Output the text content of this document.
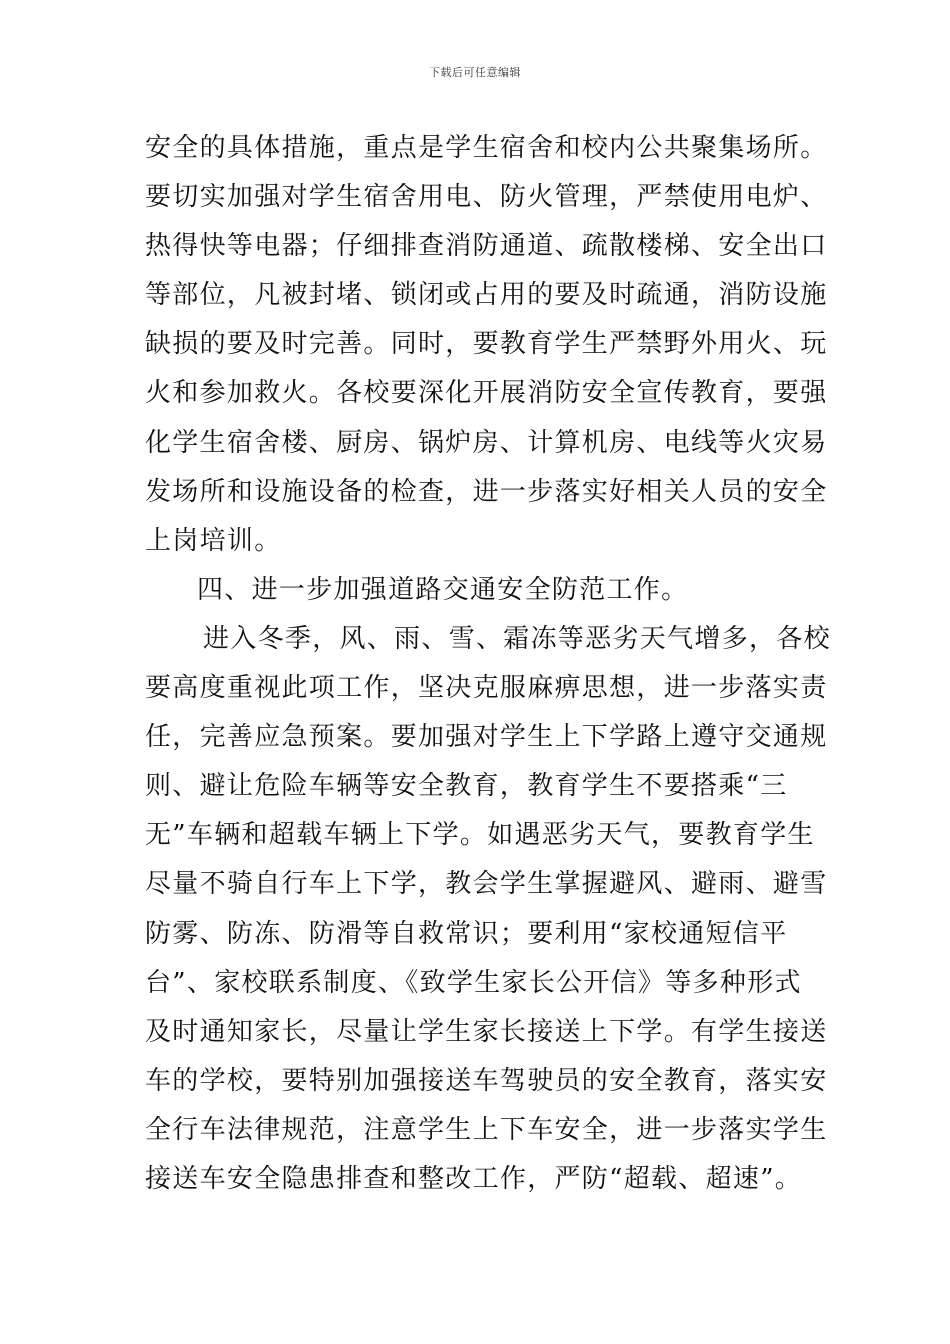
下载后可任意编辑
安全的具体措施，重点是学生宿舍和校内公共聚集场所。
要切实加强对学生宿舍用电、防火管理，严禁使用电炉、
热得快等电器；仔细排查消防通道、疏散楼梯、安全出口
等部位，凡被封堵、锁闭或占用的要及时疏通，消防设施
缺损的要及时完善。同时，要教育学生严禁野外用火、玩
火和参加救火。各校要深化开展消防安全宣传教育，要强
化学生宿舍楼、厨房、锅炉房、计算机房、电线等火灾易
发场所和设施设备的检查，进一步落实好相关人员的安全
上岗培训。
四、进一步加强道路交通安全防范工作。
进入冬季，风、雨、雪、霜冻等恶劣天气增多，各校
要高度重视此项工作，坚决克服麻痹思想，进一步落实责
任，完善应急预案。要加强对学生上下学路上遵守交通规
则、避让危险车辆等安全教育，教育学生不要搭乘“三
无”车辆和超载车辆上下学。如遇恶劣天气，要教育学生
尽量不骑自行车上下学，教会学生掌握避风、避雨、避雪
防雾、防冻、防滑等自救常识；要利用“家校通短信平
台”、家校联系制度、《致学生家长公开信》等多种形式
及时通知家长，尽量让学生家长接送上下学。有学生接送
车的学校，要特别加强接送车驾驶员的安全教育，落实安
全行车法律规范，注意学生上下车安全，进一步落实学生
接送车安全隐患排查和整改工作，严防“超载、超速”。
